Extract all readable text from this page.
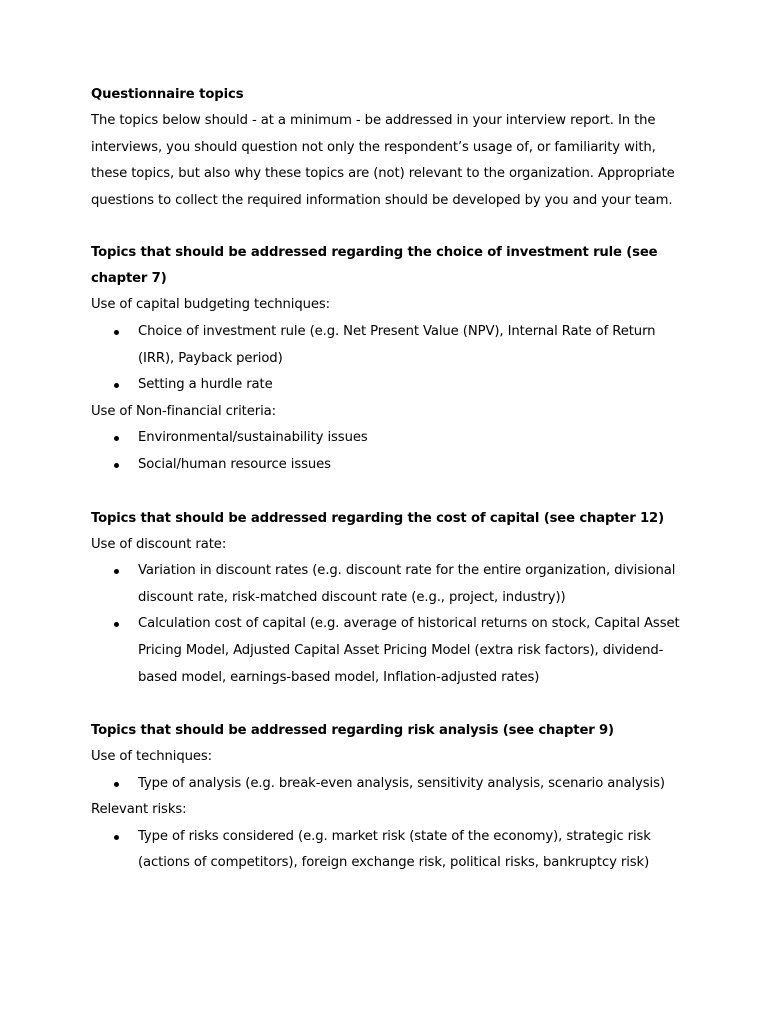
Questionnaire topics

The topics below should - at a minimum - be addressed in your interview report. In the interviews, you should question not only the respondent’s usage of, or familiarity with, these topics, but also why these topics are (not) relevant to the organization. Appropriate questions to collect the required information should be developed by you and your team.

Topics that should be addressed regarding the choice of investment rule (see chapter 7)

Use of capital budgeting techniques:

Choice of investment rule (e.g. Net Present Value (NPV), Internal Rate of Return (IRR), Payback period)
Setting a hurdle rate

Use of Non-financial criteria:

Environmental/sustainability issues
Social/human resource issues
Topics that should be addressed regarding the cost of capital (see chapter 12)

Use of discount rate:

Variation in discount rates (e.g. discount rate for the entire organization, divisional discount rate, risk-matched discount rate (e.g., project, industry))
Calculation cost of capital (e.g. average of historical returns on stock, Capital Asset Pricing Model, Adjusted Capital Asset Pricing Model (extra risk factors), dividend-based model, earnings-based model, Inflation-adjusted rates)
Topics that should be addressed regarding risk analysis (see chapter 9)

Use of techniques:

Type of analysis (e.g. break-even analysis, sensitivity analysis, scenario analysis)

Relevant risks:

Type of risks considered (e.g. market risk (state of the economy), strategic risk (actions of competitors), foreign exchange risk, political risks, bankruptcy risk)
